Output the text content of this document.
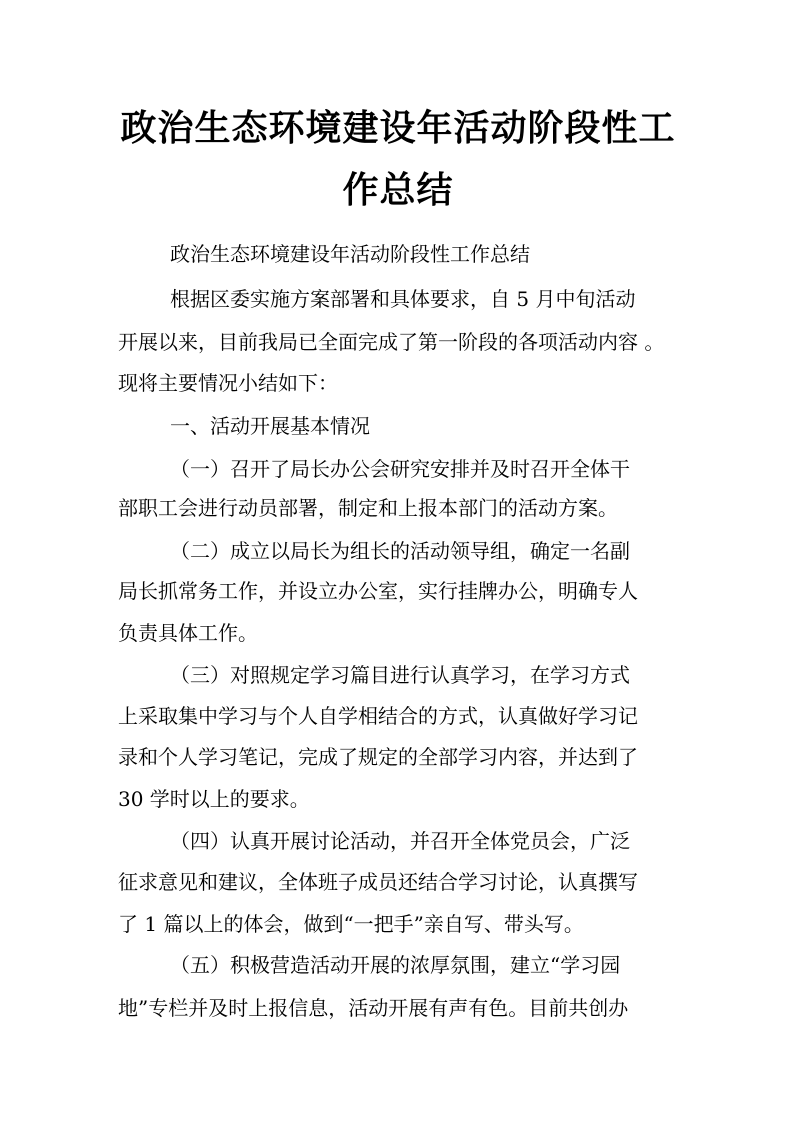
政治生态环境建设年活动阶段性工
作总结
政治生态环境建设年活动阶段性工作总结
根据区委实施方案部署和具体要求，自 5 月中旬活动
开展以来，目前我局已全面完成了第一阶段的各项活动内容 。
现将主要情况小结如下：
一、活动开展基本情况
（一）召开了局长办公会研究安排并及时召开全体干
部职工会进行动员部署，制定和上报本部门的活动方案。
（二）成立以局长为组长的活动领导组，确定一名副
局长抓常务工作，并设立办公室，实行挂牌办公，明确专人
负责具体工作。
（三）对照规定学习篇目进行认真学习，在学习方式
上采取集中学习与个人自学相结合的方式，认真做好学习记
录和个人学习笔记，完成了规定的全部学习内容，并达到了
30 学时以上的要求。
（四）认真开展讨论活动，并召开全体党员会，广泛
征求意见和建议，全体班子成员还结合学习讨论，认真撰写
了 1 篇以上的体会，做到“一把手”亲自写、带头写。
（五）积极营造活动开展的浓厚氛围，建立“学习园
地”专栏并及时上报信息，活动开展有声有色。目前共创办
